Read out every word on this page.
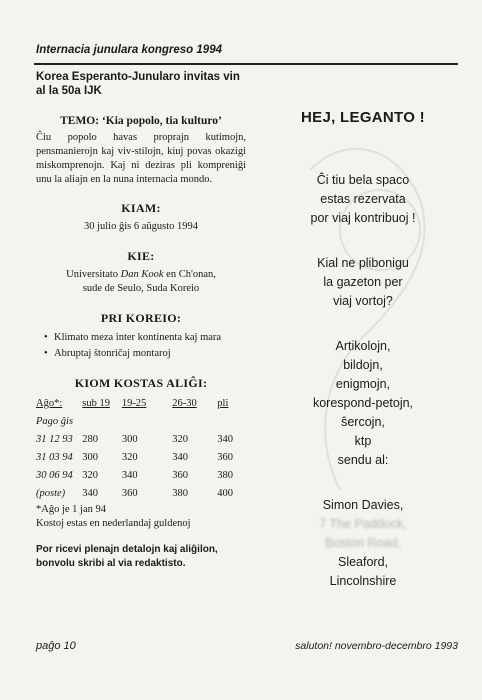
Internacia junulara kongreso 1994

Korea Esperanto-Junularo invitas vin al la 50a IJK

TEMO: ‘Kia popolo, tia kulturo’

Ĉiu popolo havas proprajn kutimojn, pensmanierojn kaj viv-stilojn, kiuj povas okazigi miskomprenojn. Kaj ni deziras pli kompreniĝi unu la aliajn en la nuna internacia mondo.

KIAM:
30 julio ĝis 6 aŭgusto 1994
KIE:
Universitato Dan Kook en Ch'onan,
sude de Seulo, Suda Koreio
PRI KOREIO:
• Klimato meza inter kontinenta kaj mara
• Abruptaj ŝtonriĉaj montaroj
KIOM KOSTAS ALIĜI:
Aĝo*:	sub 19	19-25	26-30	pli
Pago ĝis				
31 12 93	280	300	320	340
31 03 94	300	320	340	360
30 06 94	320	340	360	380
(poste)	340	360	380	400

*Aĝo je 1 jan 94

Kostoj estas en nederlandaj guldenoj

Por ricevi plenajn detalojn kaj aliĝilon, bonvolu skribi al via redaktisto.

HEJ, LEGANTO !
Ĉi tiu bela spaco
estas rezervata
por viaj kontribuoj !
Kial ne plibonigu
la gazeton per
viaj vortoj?
Artikolojn,
bildojn,
enigmojn,
korespond-petojn,
ŝercojn,
ktp
sendu al:
Simon Davies,
7 The Paddock,
Boston Road,
Sleaford,
Lincolnshire
paĝo 10	saluton! novembro-decembro 1993
